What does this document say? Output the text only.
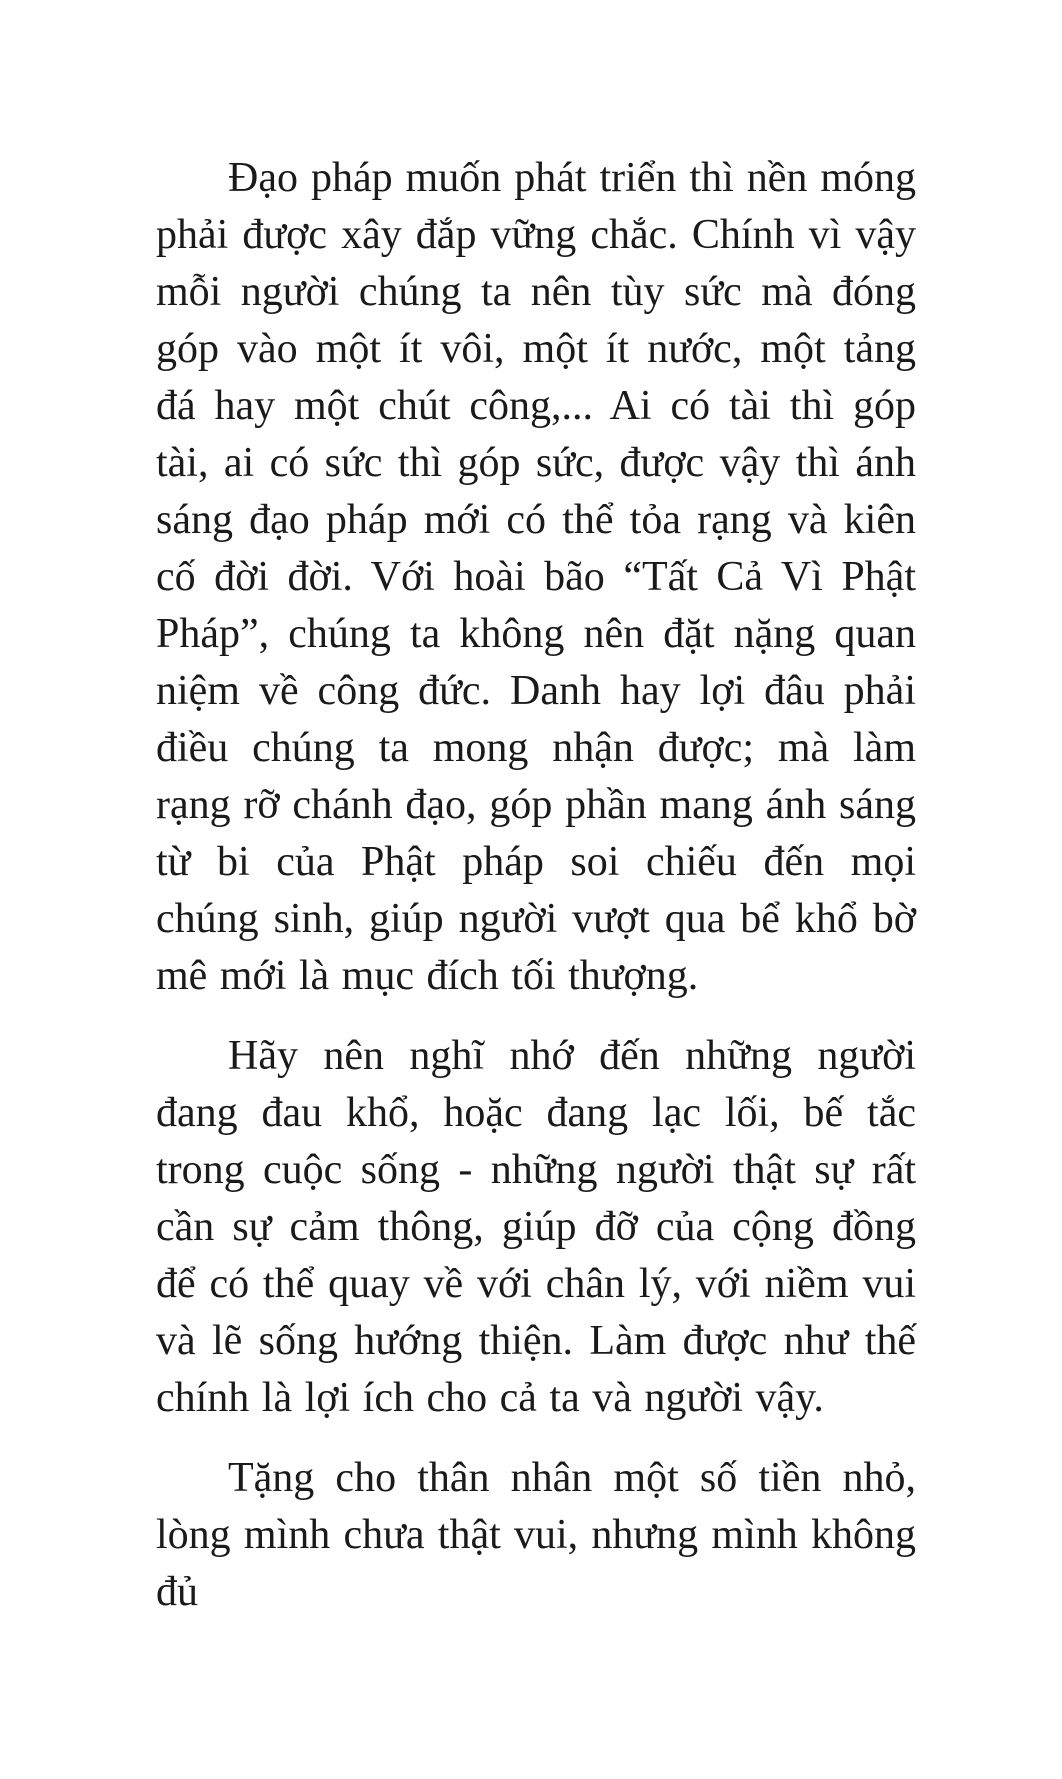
Đạo pháp muốn phát triển thì nền móng phải được xây đắp vững chắc. Chính vì vậy mỗi người chúng ta nên tùy sức mà đóng góp vào một ít vôi, một ít nước, một tảng đá hay một chút công,... Ai có tài thì góp tài, ai có sức thì góp sức, được vậy thì ánh sáng đạo pháp mới có thể tỏa rạng và kiên cố đời đời. Với hoài bão “Tất Cả Vì Phật Pháp”, chúng ta không nên đặt nặng quan niệm về công đức. Danh hay lợi đâu phải điều chúng ta mong nhận được; mà làm rạng rỡ chánh đạo, góp phần mang ánh sáng từ bi của Phật pháp soi chiếu đến mọi chúng sinh, giúp người vượt qua bể khổ bờ mê mới là mục đích tối thượng.

Hãy nên nghĩ nhớ đến những người đang đau khổ, hoặc đang lạc lối, bế tắc trong cuộc sống - những người thật sự rất cần sự cảm thông, giúp đỡ của cộng đồng để có thể quay về với chân lý, với niềm vui và lẽ sống hướng thiện. Làm được như thế chính là lợi ích cho cả ta và người vậy.

Tặng cho thân nhân một số tiền nhỏ, lòng mình chưa thật vui, nhưng mình không đủ
